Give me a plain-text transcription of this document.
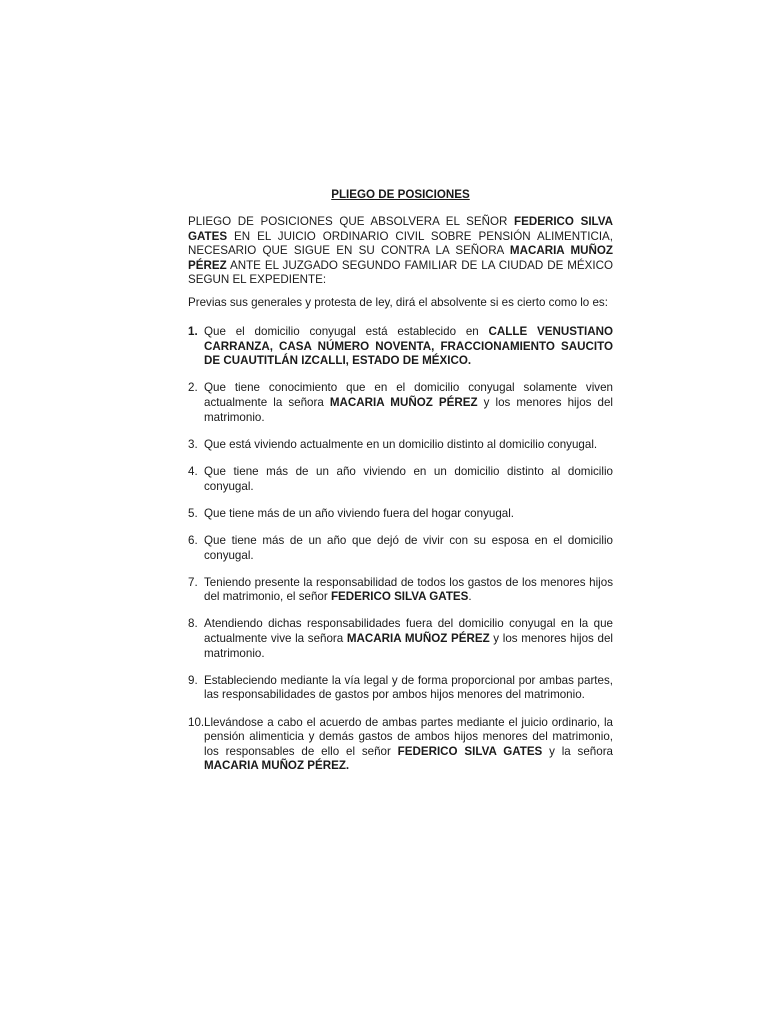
PLIEGO DE POSICIONES

PLIEGO DE POSICIONES QUE ABSOLVERA EL SEÑOR FEDERICO SILVA GATES EN EL JUICIO ORDINARIO CIVIL SOBRE PENSIÓN ALIMENTICIA, NECESARIO QUE SIGUE EN SU CONTRA LA SEÑORA MACARIA MUÑOZ PÉREZ ANTE EL JUZGADO SEGUNDO FAMILIAR DE LA CIUDAD DE MÉXICO SEGUN EL EXPEDIENTE:

Previas sus generales y protesta de ley, dirá el absolvente si es cierto como lo es:

1. Que el domicilio conyugal está establecido en CALLE VENUSTIANO CARRANZA, CASA NÚMERO NOVENTA, FRACCIONAMIENTO SAUCITO DE CUAUTITLÁN IZCALLI, ESTADO DE MÉXICO.
2. Que tiene conocimiento que en el domicilio conyugal solamente viven actualmente la señora MACARIA MUÑOZ PÉREZ y los menores hijos del matrimonio.
3. Que está viviendo actualmente en un domicilio distinto al domicilio conyugal.
4. Que tiene más de un año viviendo en un domicilio distinto al domicilio conyugal.
5. Que tiene más de un año viviendo fuera del hogar conyugal.
6. Que tiene más de un año que dejó de vivir con su esposa en el domicilio conyugal.
7. Teniendo presente la responsabilidad de todos los gastos de los menores hijos del matrimonio, el señor FEDERICO SILVA GATES.
8. Atendiendo dichas responsabilidades fuera del domicilio conyugal en la que actualmente vive la señora MACARIA MUÑOZ PÉREZ y los menores hijos del matrimonio.
9. Estableciendo mediante la vía legal y de forma proporcional por ambas partes, las responsabilidades de gastos por ambos hijos menores del matrimonio.
10. Llevándose a cabo el acuerdo de ambas partes mediante el juicio ordinario, la pensión alimenticia y demás gastos de ambos hijos menores del matrimonio, los responsables de ello el señor FEDERICO SILVA GATES y la señora MACARIA MUÑOZ PÉREZ.
